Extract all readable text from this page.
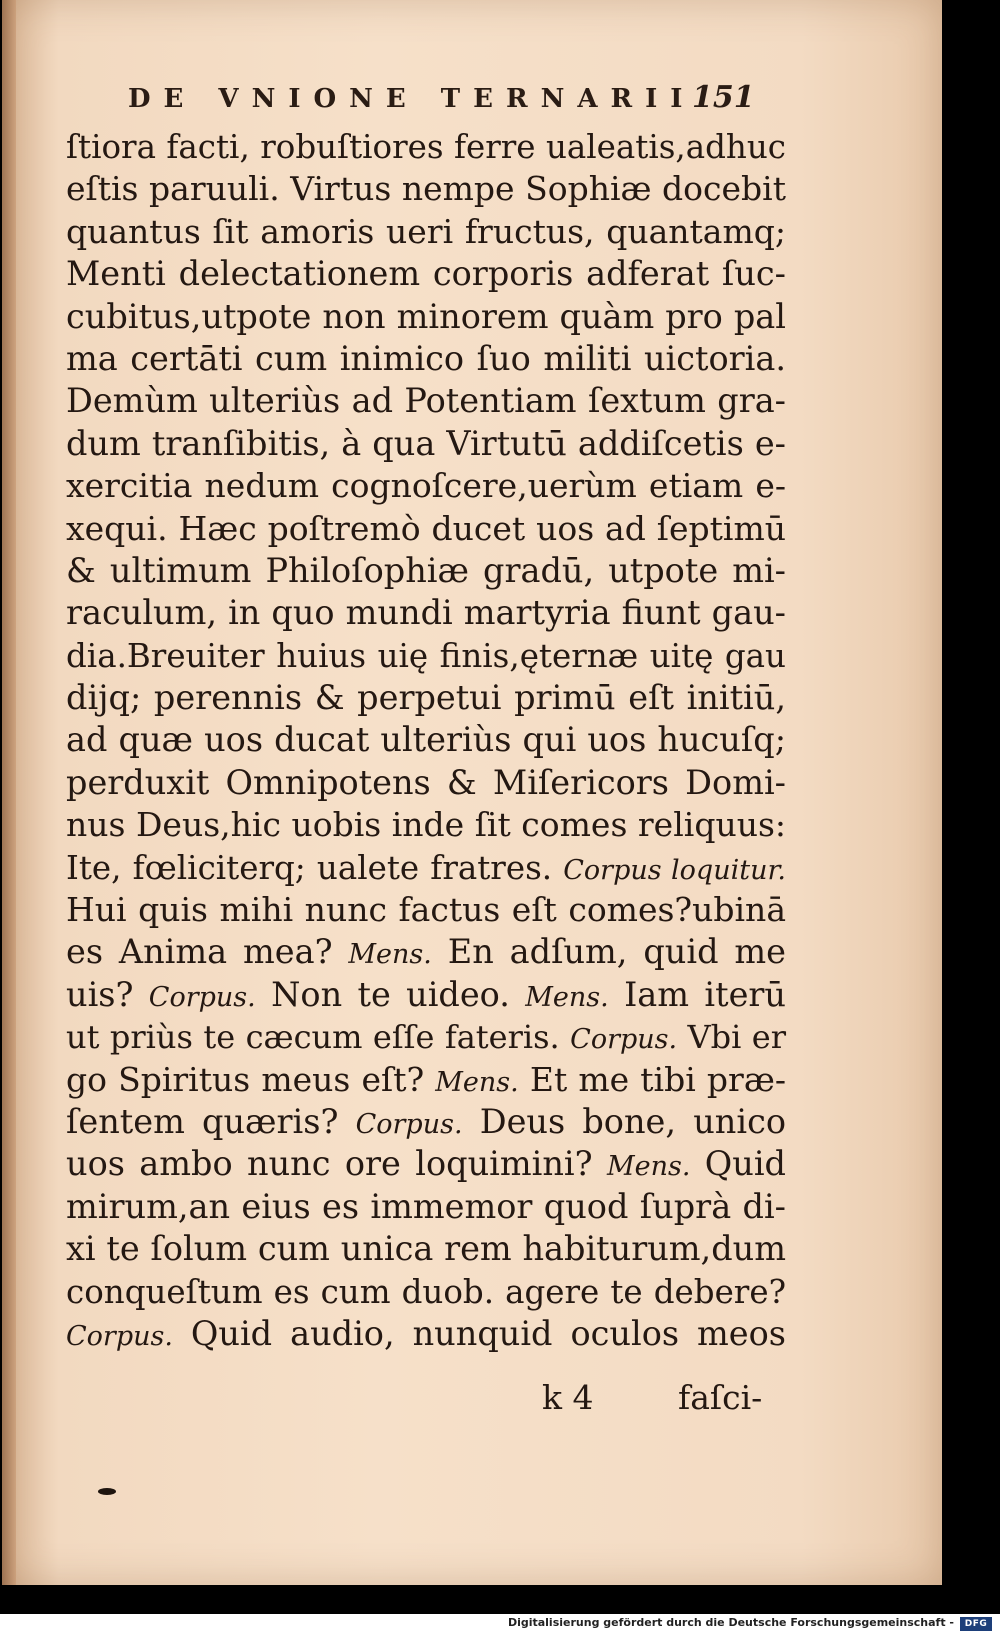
DE VNIONE TERNARII
151
ſtiora facti, robuſtiores ferre ualeatis,adhuc
eſtis paruuli. Virtus nempe Sophiæ docebit
quantus ſit amoris ueri fructus, quantamq;
Menti delectationem corporis adferat ſuc-
cubitus,utpote non minorem quàm pro pal
ma certāti cum inimico ſuo militi uictoria.
Demùm ulteriùs ad Potentiam ſextum gra-
dum tranſibitis, à qua Virtutū addiſcetis e-
xercitia nedum cognoſcere,uerùm etiam e-
xequi. Hæc poſtremò ducet uos ad ſeptimū
& ultimum Philoſophiæ gradū, utpote mi-
raculum, in quo mundi martyria fiunt gau-
dia.Breuiter huius uię finis,ęternæ uitę gau
dijq; perennis & perpetui primū eſt initiū,
ad quæ uos ducat ulteriùs qui uos hucuſq;
perduxit Omnipotens & Miſericors Domi-
nus Deus,hic uobis inde ſit comes reliquus:
Ite, fœliciterq; ualete fratres. Corpus loquitur.
Hui quis mihi nunc factus eſt comes?ubinā
es Anima mea? Mens. En adſum, quid me
uis? Corpus. Non te uideo. Mens. Iam iterū
ut priùs te cæcum eſſe fateris. Corpus. Vbi er
go Spiritus meus eſt? Mens. Et me tibi præ-
ſentem quæris? Corpus. Deus bone, unico
uos ambo nunc ore loquimini? Mens. Quid
mirum,an eius es immemor quod ſuprà di-
xi te ſolum cum unica rem habiturum,dum
conqueſtum es cum duob. agere te debere?
Corpus. Quid audio, nunquid oculos meos
k 4	faſci-
Digitalisierung gefördert durch die Deutsche Forschungsgemeinschaft -	DFG
